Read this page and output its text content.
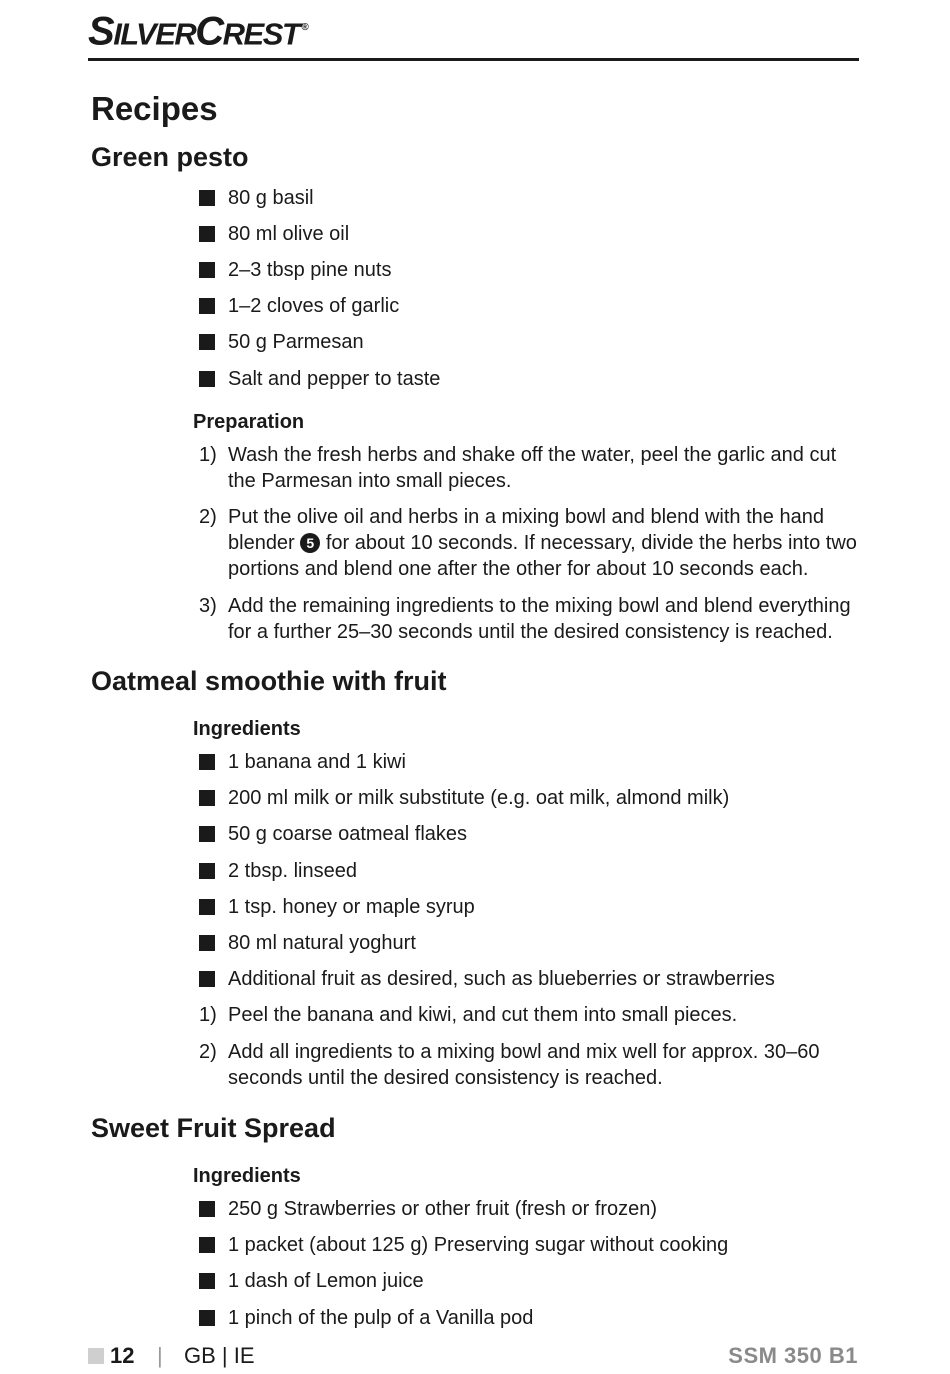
SILVERCREST ®
Recipes
Green pesto
80 g basil
80 ml olive oil
2–3 tbsp pine nuts
1–2 cloves of garlic
50 g Parmesan
Salt and pepper to taste
Preparation
1) Wash the fresh herbs and shake off the water, peel the garlic and cut the Parmesan into small pieces.
2) Put the olive oil and herbs in a mixing bowl and blend with the hand blender 5 for about 10 seconds. If necessary, divide the herbs into two portions and blend one after the other for about 10 seconds each.
3) Add the remaining ingredients to the mixing bowl and blend everything for a further 25–30 seconds until the desired consistency is reached.
Oatmeal smoothie with fruit
Ingredients
1 banana and 1 kiwi
200 ml milk or milk substitute (e.g. oat milk, almond milk)
50 g coarse oatmeal flakes
2 tbsp. linseed
1 tsp. honey or maple syrup
80 ml natural yoghurt
Additional fruit as desired, such as blueberries or strawberries
1) Peel the banana and kiwi, and cut them into small pieces.
2) Add all ingredients to a mixing bowl and mix well for approx. 30–60 seconds until the desired consistency is reached.
Sweet Fruit Spread
Ingredients
250 g Strawberries or other fruit (fresh or frozen)
1 packet (about 125 g) Preserving sugar without cooking
1 dash of Lemon juice
1 pinch of the pulp of a Vanilla pod
12 | GB | IE	SSM 350 B1
